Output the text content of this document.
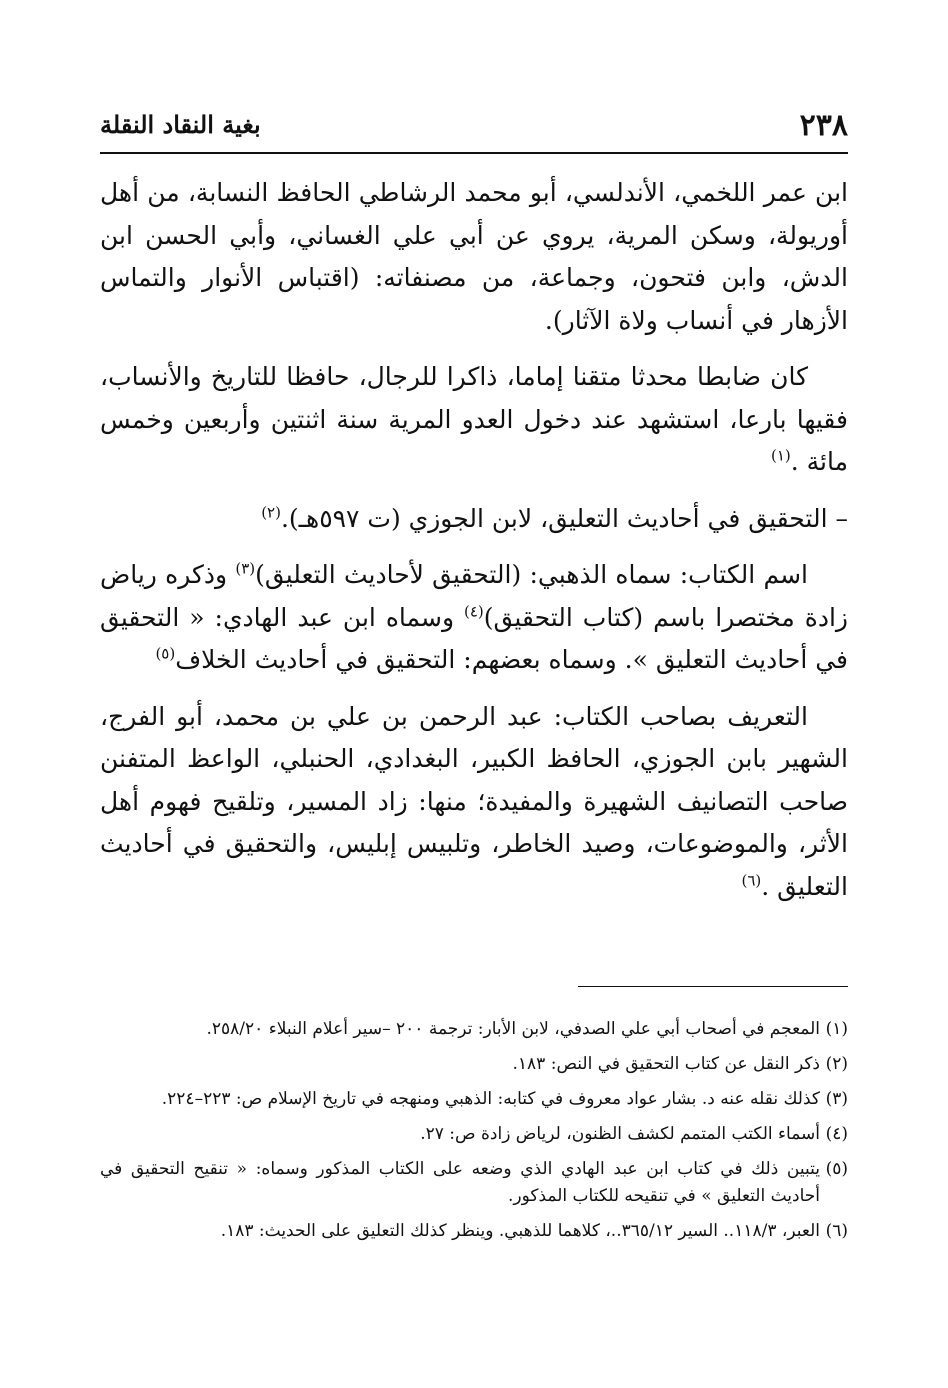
٢٣٨
بغية النقاد النقلة

ابن عمر اللخمي، الأندلسي، أبو محمد الرشاطي الحافظ النسابة، من أهل أوريولة، وسكن المرية، يروي عن أبي علي الغساني، وأبي الحسن ابن الدش، وابن فتحون، وجماعة، من مصنفاته: (اقتباس الأنوار والتماس الأزهار في أنساب ولاة الآثار).

كان ضابطا محدثا متقنا إماما، ذاكرا للرجال، حافظا للتاريخ والأنساب، فقيها بارعا، استشهد عند دخول العدو المرية سنة اثنتين وأربعين وخمس مائة .$^{(١)}$

– التحقيق في أحاديث التعليق، لابن الجوزي (ت ٥٩٧هـ).$^{(٢)}$

اسم الكتاب: سماه الذهبي: (التحقيق لأحاديث التعليق)$^{(٣)}$ وذكره رياض زادة مختصرا باسم (كتاب التحقيق)$^{(٤)}$ وسماه ابن عبد الهادي: « التحقيق في أحاديث التعليق ». وسماه بعضهم: التحقيق في أحاديث الخلاف$^{(٥)}$

التعريف بصاحب الكتاب: عبد الرحمن بن علي بن محمد، أبو الفرج، الشهير بابن الجوزي، الحافظ الكبير، البغدادي، الحنبلي، الواعظ المتفنن صاحب التصانيف الشهيرة والمفيدة؛ منها: زاد المسير، وتلقيح فهوم أهل الأثر، والموضوعات، وصيد الخاطر، وتلبيس إبليس، والتحقيق في أحاديث التعليق .$^{(٦)}$

(١)المعجم في أصحاب أبي علي الصدفي، لابن الأبار: ترجمة ٢٠٠ –سير أعلام النبلاء ٢٥٨/٢٠.

(٢)ذكر النقل عن كتاب التحقيق في النص: ١٨٣.

(٣)كذلك نقله عنه د. بشار عواد معروف في كتابه: الذهبي ومنهجه في تاريخ الإسلام ص: ٢٢٣–٢٢٤.

(٤)أسماء الكتب المتمم لكشف الظنون، لرياض زادة ص: ٢٧.

(٥)يتبين ذلك في كتاب ابن عبد الهادي الذي وضعه على الكتاب المذكور وسماه: « تنقيح التحقيق في أحاديث التعليق » في تنقيحه للكتاب المذكور.

(٦)العبر، ١١٨/٣.. السير ٣٦٥/١٢..، كلاهما للذهبي. وينظر كذلك التعليق على الحديث: ١٨٣.
